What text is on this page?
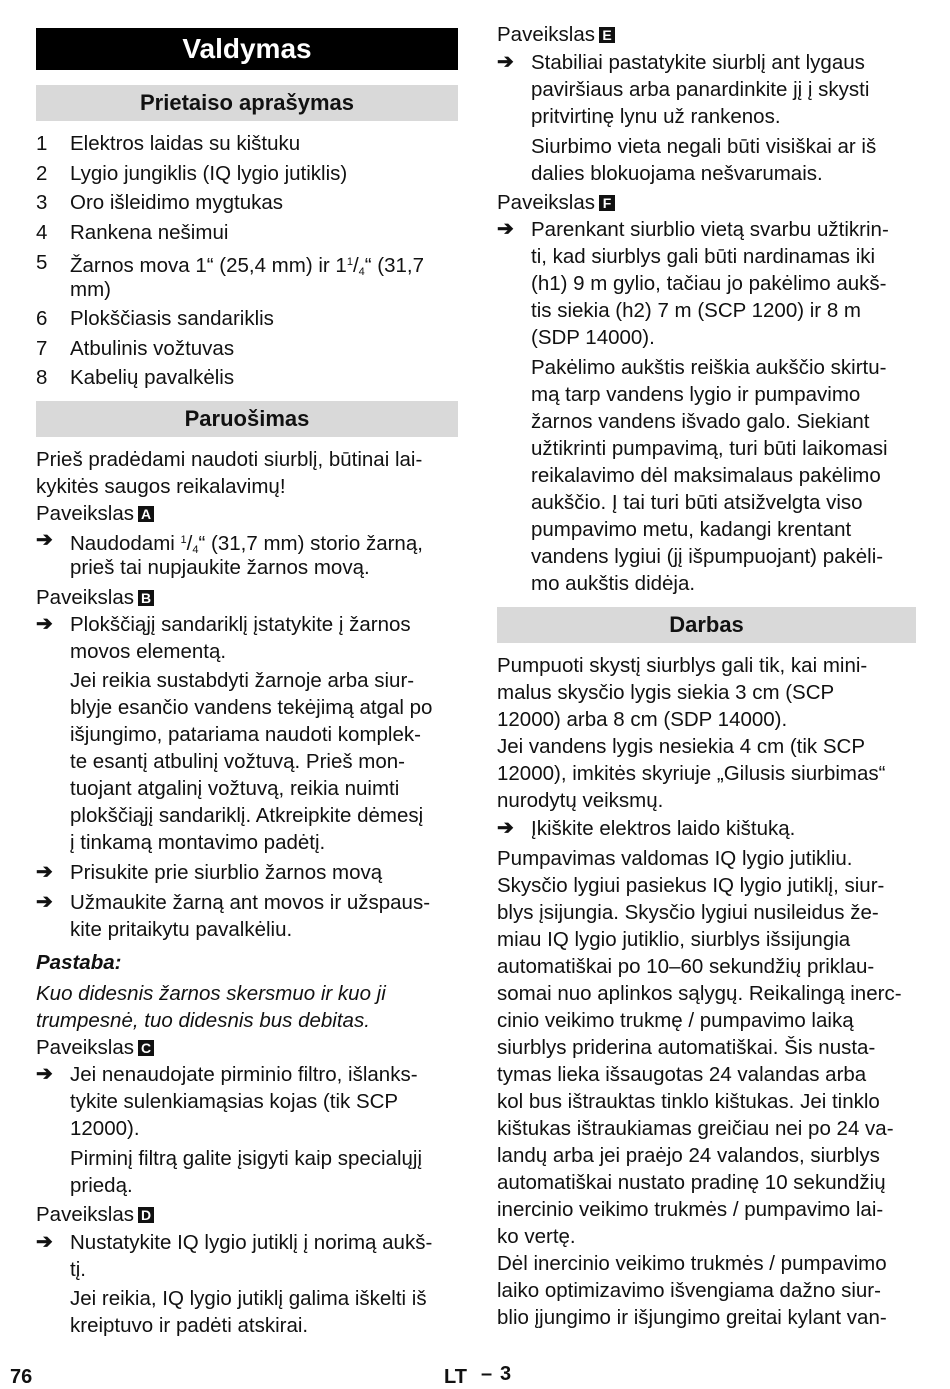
Valdymas
Prietaiso aprašymas
1 Elektros laidas su kištuku
2 Lygio jungiklis (IQ lygio jutiklis)
3 Oro išleidimo mygtukas
4 Rankena nešimui
5 Žarnos mova 1“ (25,4 mm) ir $1^1/_4“$ (31,7
mm)
6 Plokščiasis sandariklis
7 Atbulinis vožtuvas
8 Kabelių pavalkėlis
Paruošimas
Prieš pradėdami naudoti siurblį, būtinai lai-
kykitės saugos reikalavimų!
Paveikslas A
➔ Naudodami $^1/_4“$ (31,7 mm) storio žarną,
prieš tai nupjaukite žarnos movą.
Paveikslas B
➔ Plokščiąjį sandariklį įstatykite į žarnos
movos elementą.
Jei reikia sustabdyti žarnoje arba siur-
blyje esančio vandens tekėjimą atgal po
išjungimo, patariama naudoti komplek-
te esantį atbulinį vožtuvą. Prieš mon-
tuojant atgalinį vožtuvą, reikia nuimti
plokščiąjį sandariklį. Atkreipkite dėmesį
į tinkamą montavimo padėtį.
➔ Prisukite prie siurblio žarnos movą
➔ Užmaukite žarną ant movos ir užspaus-
kite pritaikytu pavalkėliu.
Pastaba:
Kuo didesnis žarnos skersmuo ir kuo ji
trumpesnė, tuo didesnis bus debitas.
Paveikslas C
➔ Jei nenaudojate pirminio filtro, išlanks-
tykite sulenkiamąsias kojas (tik SCP
12000).
Pirminį filtrą galite įsigyti kaip specialųjį
priedą.
Paveikslas D
➔ Nustatykite IQ lygio jutiklį į norimą aukš-
tį.
Jei reikia, IQ lygio jutiklį galima iškelti iš
kreiptuvo ir padėti atskirai.
Paveikslas E
➔ Stabiliai pastatykite siurblį ant lygaus
paviršiaus arba panardinkite jį į skysti
pritvirtinę lynu už rankenos.
Siurbimo vieta negali būti visiškai ar iš
dalies blokuojama nešvarumais.
Paveikslas F
➔ Parenkant siurblio vietą svarbu užtikrin-
ti, kad siurblys gali būti nardinamas iki
(h1) 9 m gylio, tačiau jo pakėlimo aukš-
tis siekia (h2) 7 m (SCP 1200) ir 8 m
(SDP 14000).
Pakėlimo aukštis reiškia aukščio skirtu-
mą tarp vandens lygio ir pumpavimo
žarnos vandens išvado galo. Siekiant
užtikrinti pumpavimą, turi būti laikomasi
reikalavimo dėl maksimalaus pakėlimo
aukščio. Į tai turi būti atsižvelgta viso
pumpavimo metu, kadangi krentant
vandens lygiui (jį išpumpuojant) pakėli-
mo aukštis didėja.
Darbas
Pumpuoti skystį siurblys gali tik, kai mini-
malus skysčio lygis siekia 3 cm (SCP
12000) arba 8 cm (SDP 14000).
Jei vandens lygis nesiekia 4 cm (tik SCP
12000), imkitės skyriuje „Gilusis siurbimas“
nurodytų veiksmų.
➔ Įkiškite elektros laido kištuką.
Pumpavimas valdomas IQ lygio jutikliu.
Skysčio lygiui pasiekus IQ lygio jutiklį, siur-
blys įsijungia. Skysčio lygiui nusileidus že-
miau IQ lygio jutiklio, siurblys išsijungia
automatiškai po 10–60 sekundžių priklau-
somai nuo aplinkos sąlygų. Reikalingą inerc-
cinio veikimo trukmę / pumpavimo laiką
siurblys priderina automatiškai. Šis nusta-
tymas lieka išsaugotas 24 valandas arba
kol bus ištrauktas tinklo kištukas. Jei tinklo
kištukas ištraukiamas greičiau nei po 24 va-
landų arba jei praėjo 24 valandos, siurblys
automatiškai nustato pradinę 10 sekundžių
inercinio veikimo trukmės / pumpavimo lai-
ko vertę.
Dėl inercinio veikimo trukmės / pumpavimo
laiko optimizavimo išvengiama dažno siur-
blio įjungimo ir išjungimo greitai kylant van-
76	LT – 3
